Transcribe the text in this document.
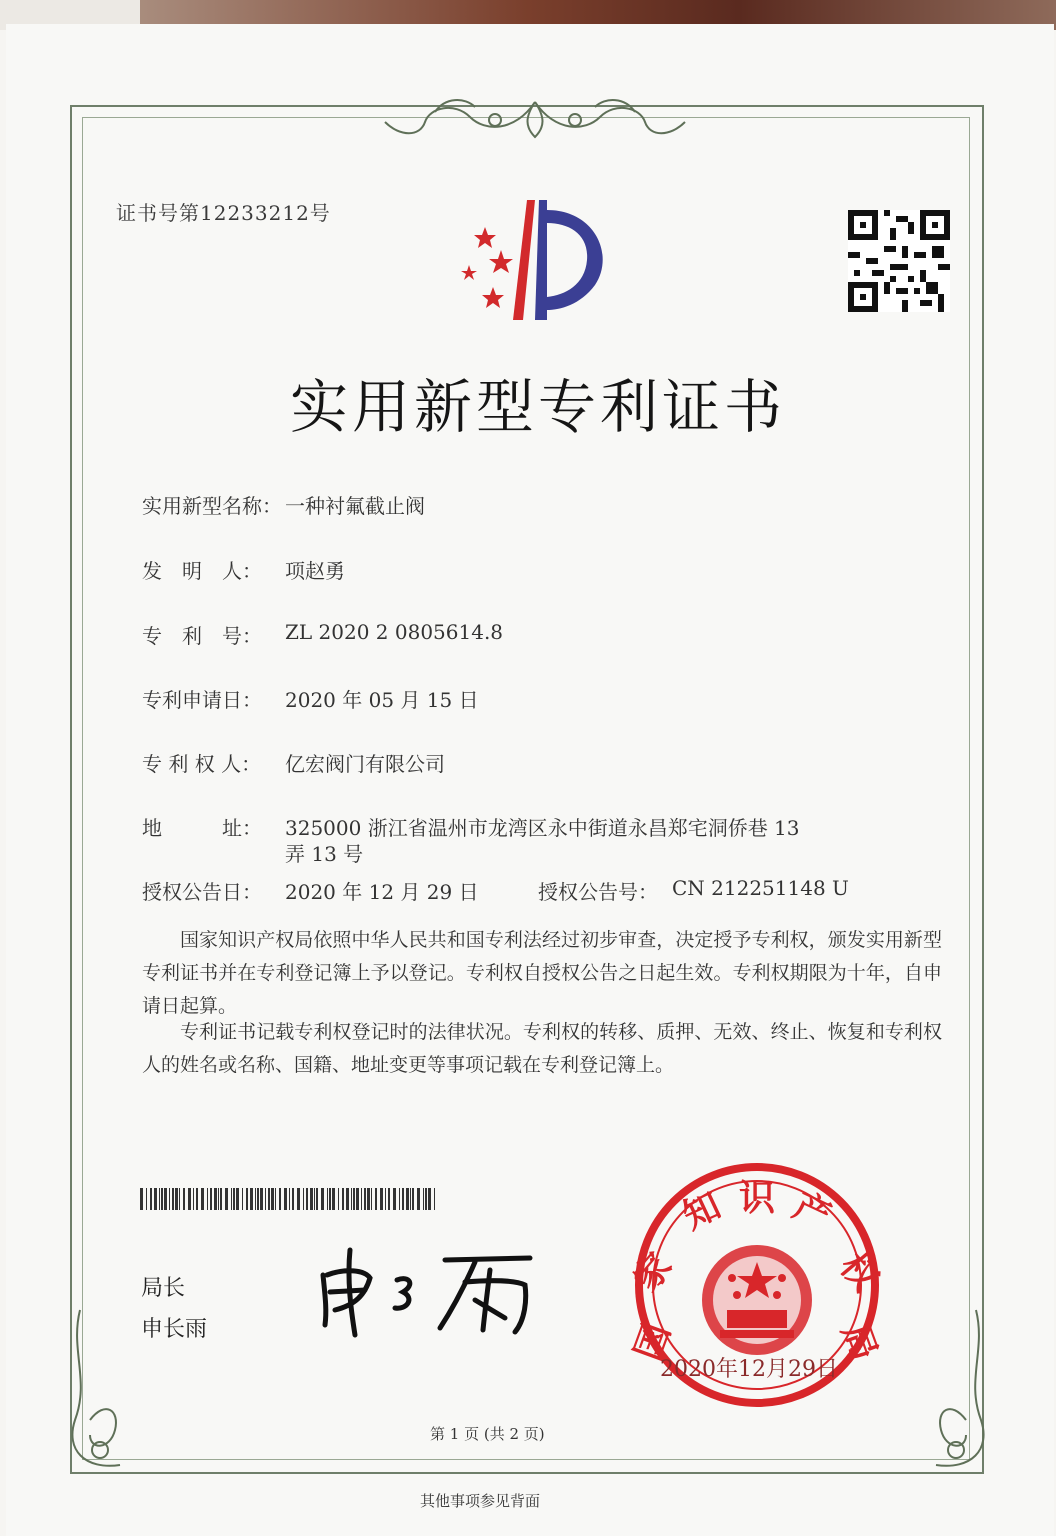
证书号第12233212号
实用新型专利证书
实用新型名称： 一种衬氟截止阀
发　明　人： 项赵勇
专　利　号： ZL 2020 2 0805614.8
专利申请日： 2020 年 05 月 15 日
专 利 权 人： 亿宏阀门有限公司
地　　　址： 325000 浙江省温州市龙湾区永中街道永昌郑宅洞侨巷 13
弄 13 号
授权公告日： 2020 年 12 月 29 日	授权公告号： CN 212251148 U
国家知识产权局依照中华人民共和国专利法经过初步审查，决定授予专利权，颁发实用新型专利证书并在专利登记簿上予以登记。专利权自授权公告之日起生效。专利权期限为十年，自申请日起算。
专利证书记载专利权登记时的法律状况。专利权的转移、质押、无效、终止、恢复和专利权人的姓名或名称、国籍、地址变更等事项记载在专利登记簿上。
局长
申长雨	国
家
知 识 产
权
局
2020年12月29日
第 1 页 (共 2 页)
其他事项参见背面
